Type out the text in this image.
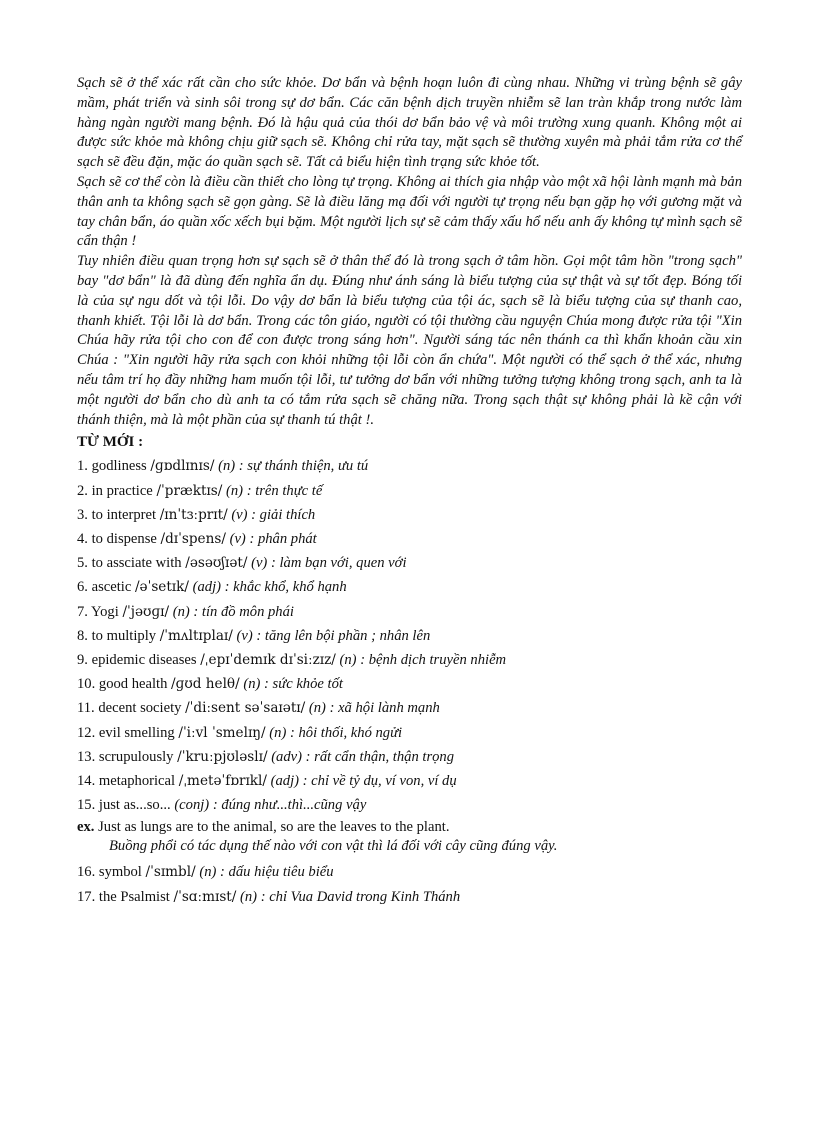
Sạch sẽ ở thể xác rất cần cho sức khỏe. Dơ bẩn và bệnh hoạn luôn đi cùng nhau. Những vi trùng bệnh sẽ gây mầm, phát triển và sinh sôi trong sự dơ bẩn. Các căn bệnh dịch truyền nhiễm sẽ lan tràn khắp trong nước làm hàng ngàn người mang bệnh. Đó là hậu quả của thói dơ bẩn bảo vệ và môi trường xung quanh. Không một ai được sức khỏe mà không chịu giữ sạch sẽ. Không chỉ rửa tay, mặt sạch sẽ thường xuyên mà phải tắm rửa cơ thể sạch sẽ đều đặn, mặc áo quần sạch sẽ. Tất cả biểu hiện tình trạng sức khỏe tốt.

Sạch sẽ cơ thể còn là điều cần thiết cho lòng tự trọng. Không ai thích gia nhập vào một xã hội lành mạnh mà bản thân anh ta không sạch sẽ gọn gàng. Sẽ là điều lăng mạ đối với người tự trọng nếu bạn gặp họ với gương mặt và tay chân bẩn, áo quần xốc xếch bụi bặm. Một người lịch sự sẽ cảm thấy xấu hổ nếu anh ấy không tự mình sạch sẽ cẩn thận !

Tuy nhiên điều quan trọng hơn sự sạch sẽ ở thân thể đó là trong sạch ở tâm hồn. Gọi một tâm hồn "trong sạch" bay "dơ bẩn" là đã dùng đến nghĩa ẩn dụ. Đúng như ánh sáng là biểu tượng của sự thật và sự tốt đẹp. Bóng tối là của sự ngu dốt và tội lỗi. Do vậy dơ bẩn là biểu tượng của tội ác, sạch sẽ là biểu tượng của sự thanh cao, thanh khiết. Tội lỗi là dơ bẩn. Trong các tôn giáo, người có tội thường cầu nguyện Chúa mong được rửa tội "Xin Chúa hãy rửa tội cho con để con được trong sáng hơn". Người sáng tác nên thánh ca thì khẩn khoản cầu xin Chúa : "Xin người hãy rửa sạch con khỏi những tội lỗi còn ẩn chứa". Một người có thể sạch ở thể xác, nhưng nếu tâm trí họ đầy những ham muốn tội lỗi, tư tưởng dơ bẩn với những tưởng tượng không trong sạch, anh ta là một người dơ bẩn cho dù anh ta có tắm rửa sạch sẽ chăng nữa. Trong sạch thật sự không phải là kề cận với thánh thiện, mà là một phần của sự thanh tú thật !.

TỪ MỚI :
1. godliness /ɡɒdlɪnɪs/ (n) : sự thánh thiện, ưu tú
2. in practice /ˈpræktɪs/ (n) : trên thực tế
3. to interpret /ɪnˈtɜːprɪt/ (v) : giải thích
4. to dispense /dɪˈspens/ (v) : phân phát
5. to assciate with /əsəʊʃɪət/ (v) : làm bạn với, quen với
6. ascetic /əˈsetɪk/ (adj) : khắc khổ, khổ hạnh
7. Yogi /ˈjəʊɡɪ/ (n) : tín đồ môn phái
8. to multiply /ˈmʌltɪplaɪ/ (v) : tăng lên bội phần ; nhân lên
9. epidemic diseases /ˌepɪˈdemɪk dɪˈsiːzɪz/ (n) : bệnh dịch truyền nhiễm
10. good health /ɡʊd helθ/ (n) : sức khỏe tốt
11. decent society /ˈdiːsent səˈsaɪətɪ/ (n) : xã hội lành mạnh
12. evil smelling /ˈiːvl ˈsmelɪŋ/ (n) : hôi thối, khó ngửi
13. scrupulously /ˈkruːpjʊləslɪ/ (adv) : rất cẩn thận, thận trọng
14. metaphorical /ˌmetəˈfɒrɪkl/ (adj) : chỉ về tỷ dụ, ví von, ví dụ
15. just as...so... (conj) : đúng như...thì...cũng vậy
ex. Just as lungs are to the animal, so are the leaves to the plant.
Buồng phổi có tác dụng thế nào với con vật thì lá đối với cây cũng đúng vậy.
16. symbol /ˈsɪmbl/ (n) : dấu hiệu tiêu biểu
17. the Psalmist /ˈsɑːmɪst/ (n) : chỉ Vua David trong Kinh Thánh
